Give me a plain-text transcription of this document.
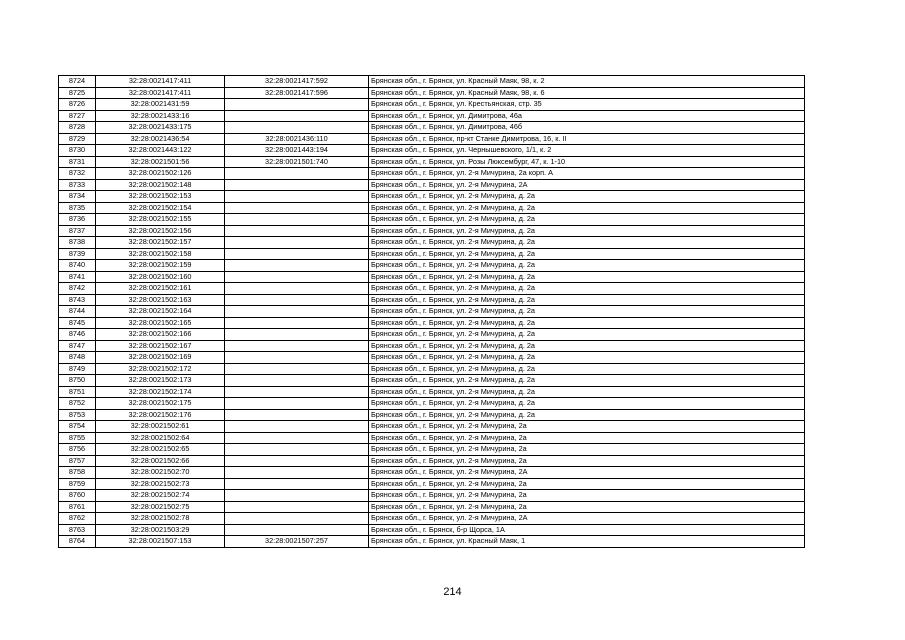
8724	32:28:0021417:411	32:28:0021417:592	Брянская обл., г. Брянск, ул. Красный Маяк, 98, к. 2
8725	32:28:0021417:411	32:28:0021417:596	Брянская обл., г. Брянск, ул. Красный Маяк, 98, к. 6
8726	32:28:0021431:59		Брянская обл., г. Брянск, ул. Крестьянская, стр. 35
8727	32:28:0021433:16		Брянская обл., г. Брянск, ул. Димитрова, 46а
8728	32:28:0021433:175		Брянская обл., г. Брянск, ул. Димитрова, 46б
8729	32:28:0021436:54	32:28:0021436:110	Брянская обл., г. Брянск, пр-кт Станке Димитрова, 16, к. II
8730	32:28:0021443:122	32:28:0021443:194	Брянская обл., г. Брянск, ул. Чернышевского, 1/1, к. 2
8731	32:28:0021501:56	32:28:0021501:740	Брянская обл., г. Брянск, ул. Розы Люксембург, 47, к. 1-10
8732	32:28:0021502:126		Брянская обл., г. Брянск, ул. 2-я Мичурина, 2а корп. А
8733	32:28:0021502:148		Брянская обл., г. Брянск, ул. 2-я Мичурина, 2А
8734	32:28:0021502:153		Брянская обл., г. Брянск, ул. 2-я Мичурина, д. 2а
8735	32:28:0021502:154		Брянская обл., г. Брянск, ул. 2-я Мичурина, д. 2а
8736	32:28:0021502:155		Брянская обл., г. Брянск, ул. 2-я Мичурина, д. 2а
8737	32:28:0021502:156		Брянская обл., г. Брянск, ул. 2-я Мичурина, д. 2а
8738	32:28:0021502:157		Брянская обл., г. Брянск, ул. 2-я Мичурина, д. 2а
8739	32:28:0021502:158		Брянская обл., г. Брянск, ул. 2-я Мичурина, д. 2а
8740	32:28:0021502:159		Брянская обл., г. Брянск, ул. 2-я Мичурина, д. 2а
8741	32:28:0021502:160		Брянская обл., г. Брянск, ул. 2-я Мичурина, д. 2а
8742	32:28:0021502:161		Брянская обл., г. Брянск, ул. 2-я Мичурина, д. 2а
8743	32:28:0021502:163		Брянская обл., г. Брянск, ул. 2-я Мичурина, д. 2а
8744	32:28:0021502:164		Брянская обл., г. Брянск, ул. 2-я Мичурина, д. 2а
8745	32:28:0021502:165		Брянская обл., г. Брянск, ул. 2-я Мичурина, д. 2а
8746	32:28:0021502:166		Брянская обл., г. Брянск, ул. 2-я Мичурина, д. 2а
8747	32:28:0021502:167		Брянская обл., г. Брянск, ул. 2-я Мичурина, д. 2а
8748	32:28:0021502:169		Брянская обл., г. Брянск, ул. 2-я Мичурина, д. 2а
8749	32:28:0021502:172		Брянская обл., г. Брянск, ул. 2-я Мичурина, д. 2а
8750	32:28:0021502:173		Брянская обл., г. Брянск, ул. 2-я Мичурина, д. 2а
8751	32:28:0021502:174		Брянская обл., г. Брянск, ул. 2-я Мичурина, д. 2а
8752	32:28:0021502:175		Брянская обл., г. Брянск, ул. 2-я Мичурина, д. 2а
8753	32:28:0021502:176		Брянская обл., г. Брянск, ул. 2-я Мичурина, д. 2а
8754	32:28:0021502:61		Брянская обл., г. Брянск, ул. 2-я Мичурина, 2а
8755	32:28:0021502:64		Брянская обл., г. Брянск, ул. 2-я Мичурина, 2а
8756	32:28:0021502:65		Брянская обл., г. Брянск, ул. 2-я Мичурина, 2а
8757	32:28:0021502:66		Брянская обл., г. Брянск, ул. 2-я Мичурина, 2а
8758	32:28:0021502:70		Брянская обл., г. Брянск, ул. 2-я Мичурина, 2А
8759	32:28:0021502:73		Брянская обл., г. Брянск, ул. 2-я Мичурина, 2а
8760	32:28:0021502:74		Брянская обл., г. Брянск, ул. 2-я Мичурина, 2а
8761	32:28:0021502:75		Брянская обл., г. Брянск, ул. 2-я Мичурина, 2а
8762	32:28:0021502:78		Брянская обл., г. Брянск, ул. 2-я Мичурина, 2А
8763	32:28:0021503:29		Брянская обл., г. Брянск, б-р Щорса, 1А
8764	32:28:0021507:153	32:28:0021507:257	Брянская обл., г. Брянск, ул. Красный Маяк, 1
214
